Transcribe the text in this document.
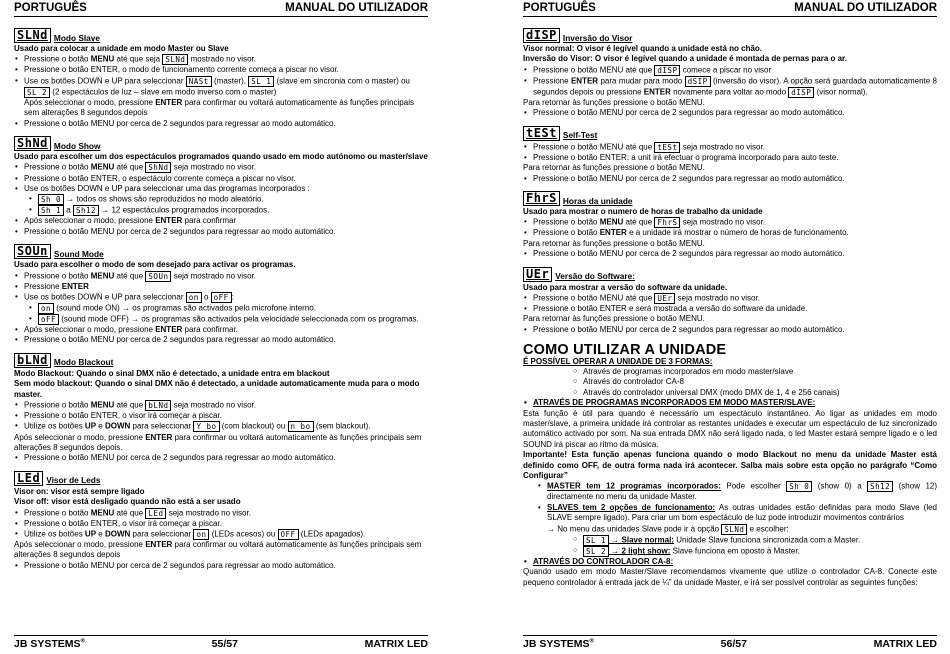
PORTUGUÊS	MANUAL DO UTILIZADOR
SLNd Modo Slave
Usado para colocar a unidade em modo Master ou Slave
• Pressione o botão MENU até que seja SLNd mostrado no visor.
• Pressione o botão ENTER, o modo de funcionamento corrente começa a piscar no visor.
• Use os botões DOWN e UP para seleccionar NASt (master), SL 1 (slave em sincronia com o master) ou SL 2 (2 espectáculos de luz – slave em modo inverso com o master)
Após seleccionar o modo, pressione ENTER para confirmar ou voltará automaticamente às funções principais sem alterações 8 segundos depois
• Pressione o botão MENU por cerca de 2 segundos para regressar ao modo automático.
ShNd Modo Show
Usado para escolher um dos espectáculos programados quando usado em modo autónomo ou master/slave
• Pressione o botão MENU até que ShNd seja mostrado no visor.
• Pressione o botão ENTER, o espectáculo corrente começa a piscar no visor.
• Use os botões DOWN e UP para seleccionar uma das programas incorporados :
• Sh 0 → todos os shows são reproduzidos no modo aleatório.
• Sh 1 a Sh12 → 12 espectáculos programados incorporados.
• Após seleccionar o modo, pressione ENTER para confirmar
• Pressione o botão MENU por cerca de 2 segundos para regressar ao modo automático.
SOUn Sound Mode
Usado para escolher o modo de som desejado para activar os programas.
• Pressione o botão MENU até que SOUn seja mostrado no visor.
• Pressione ENTER
• Use os botões DOWN e UP para seleccionar on o oFF :
• on (sound mode ON) → os programas são activados pelo microfone interno.
• oFF (sound mode OFF) → os programas são activados pela velocidade seleccionada com os programas.
• Após seleccionar o modo, pressione ENTER para confirmar.
• Pressione o botão MENU por cerca de 2 segundos para regressar ao modo automático.
bLNd Modo Blackout
Modo Blackout: Quando o sinal DMX não é detectado, a unidade entra em blackout
Sem modo blackout: Quando o sinal DMX não é detectado, a unidade automaticamente muda para o modo master.
• Pressione o botão MENU até que bLNd seja mostrado no visor.
• Pressione o botão ENTER, o visor irá começar a piscar.
• Utilize os botões UP e DOWN para seleccionar Y bo (com blackout) ou n bo (sem blackout).
Após seleccionar o modo, pressione ENTER para confirmar ou voltará automaticamente às funções principais sem alterações 8 segundos depois.
• Pressione o botão MENU por cerca de 2 segundos para regressar ao modo automático.
LEd Visor de Leds
Visor on: visor está sempre ligado
Visor off: visor está desligado quando não está a ser usado
• Pressione o botão MENU até que LEd seja mostrado no visor.
• Pressione o botão ENTER, o visor irá começar a piscar.
• Utilize os botões UP e DOWN para seleccionar on (LEDs acesos) ou OFF (LEDs apagados).
Após seleccionar o modo, pressione ENTER para confirmar ou voltará automaticamente às funções principais sem alterações 8 segundos depois
• Pressione o botão MENU por cerca de 2 segundos para regressar ao modo automático.
JB SYSTEMS®	55/57	MATRIX LED
PORTUGUÊS	MANUAL DO UTILIZADOR
dISP Inversão do Visor
Visor normal: O visor é legível quando a unidade está no chão.
Inversão do Visor: O visor é legível quando a unidade é montada de pernas para o ar.
• Pressione o botão MENU até que dISP comece a piscar no visor
• Pressione ENTER para mudar para modo dSIP (inversão do visor). A opção será guardada automaticamente 8 segundos depois ou pressione ENTER novamente para voltar ao modo dISP (visor normal).
Para retornar às funções pressione o botão MENU.
• Pressione o botão MENU por cerca de 2 segundos para regressar ao modo automático.
tESt Self-Test
• Pressione o botão MENU até que tESt seja mostrado no visor.
• Pressione o botão ENTER: a unit irá efectuar o programa incorporado para auto teste.
Para retornar às funções pressione o botão MENU.
• Pressione o botão MENU por cerca de 2 segundos para regressar ao modo automático.
FhrS Horas da unidade
Usado para mostrar o numero de horas de trabalho da unidade
• Pressione o botão MENU até que FhrS seja mostrado no visor.
• Pressione o botão ENTER e a unidade irá mostrar o número de horas de funcionamento.
Para retornar às funções pressione o botão MENU.
• Pressione o botão MENU por cerca de 2 segundos para regressar ao modo automático.
UEr Versão do Software:
Usado para mostrar a versão do software da unidade.
• Pressione o botão MENU até que UEr seja mostrado no visor.
• Pressione o botão ENTER e será mostrada a versão do software da unidade.
Para retornar às funções pressione o botão MENU.
• Pressione o botão MENU por cerca de 2 segundos para regressar ao modo automático.
COMO UTILIZAR A UNIDADE
É POSSÍVEL OPERAR A UNIDADE DE 3 FORMAS:
○ Através de programas incorporados em modo master/slave
○ Através do controlador CA-8
○ Através do controlador universal DMX (modo DMX de 1, 4 e 256 canais)
• ATRAVÉS DE PROGRAMAS INCORPORADOS EM MODO MASTER/SLAVE:
Esta função é útil para quando é necessário um espectáculo instantâneo. Ao ligar as unidades em modo master/slave, a primeira unidade irá controlar as restantes unidades e executar um espectáculo de luz sincronizado automático activado por som. Na sua entrada DMX não será ligado nada, o led Master estará sempre ligado e o led SOUND irá piscar ao ritmo da música.
Importante! Esta função apenas funciona quando o modo Blackout no menu da unidade Master está definido como OFF, de outra forma nada irá acontecer. Salba mais sobre esta opção no parágrafo “Como Configurar”
• MASTER tem 12 programas incorporados: Pode escolher Sh 0 (show 0) a Sh12 (show 12) directamente no menu da unidade Master.
• SLAVES tem 2 opções de funcionamento: As outras unidades estão definidas para modo Slave (led SLAVE sempre ligado). Para criar um bom espectáculo de luz pode introduzir movimentos contrários
→ No menu das unidades Slave pode ir à opção SLNd e escolher:
○ SL 1 → Slave normal: Unidade Slave funciona sincronizada com a Master.
○ SL 2 → 2 light show: Slave funciona em oposto à Master.
• ATRAVÉS DO CONTROLADOR CA-8:
Quando usado em modo Master/Slave recomendamos vivamente que utilize o controlador CA-8. Conecte este pequeno controlador à entrada jack de ¼” da unidade Master, e irá ser possível controlar as seguintes funções:
JB SYSTEMS®	56/57	MATRIX LED
